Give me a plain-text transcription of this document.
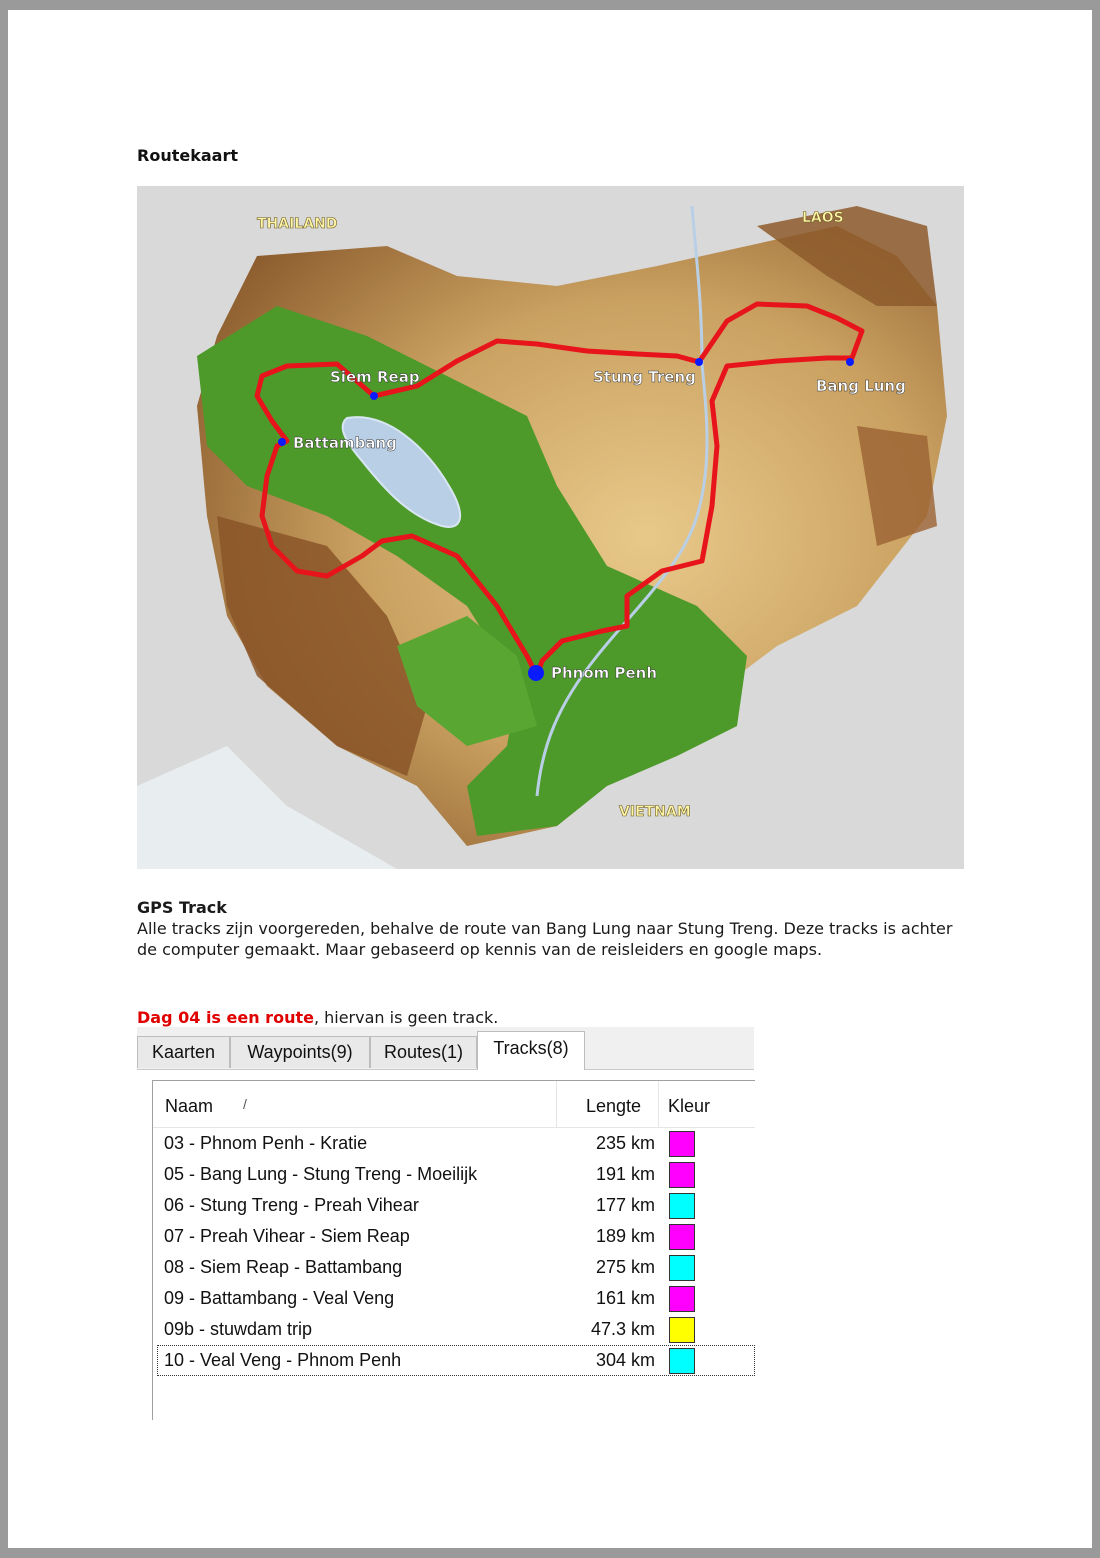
Routekaart
THAILAND	LAOS
VIETNAM
Siem Reap
Battambang
Stung Treng	Bang Lung
Phnom Penh
GPS Track
Alle tracks zijn voorgereden, behalve de route van Bang Lung naar Stung Treng. Deze tracks is achter de computer gemaakt. Maar gebaseerd op kennis van de reisleiders en google maps.
Dag 04 is een route, hiervan is geen track.
Kaarten	Waypoints(9)	Routes(1)	Tracks(8)
Naam /	Lengte Kleur
03 - Phnom Penh - Kratie	235 km
05 - Bang Lung - Stung Treng - Moeilijk	191 km
06 - Stung Treng - Preah Vihear	177 km
07 - Preah Vihear - Siem Reap	189 km
08 - Siem Reap - Battambang	275 km
09 - Battambang - Veal Veng	161 km
09b - stuwdam trip	47.3 km
10 - Veal Veng - Phnom Penh	304 km
